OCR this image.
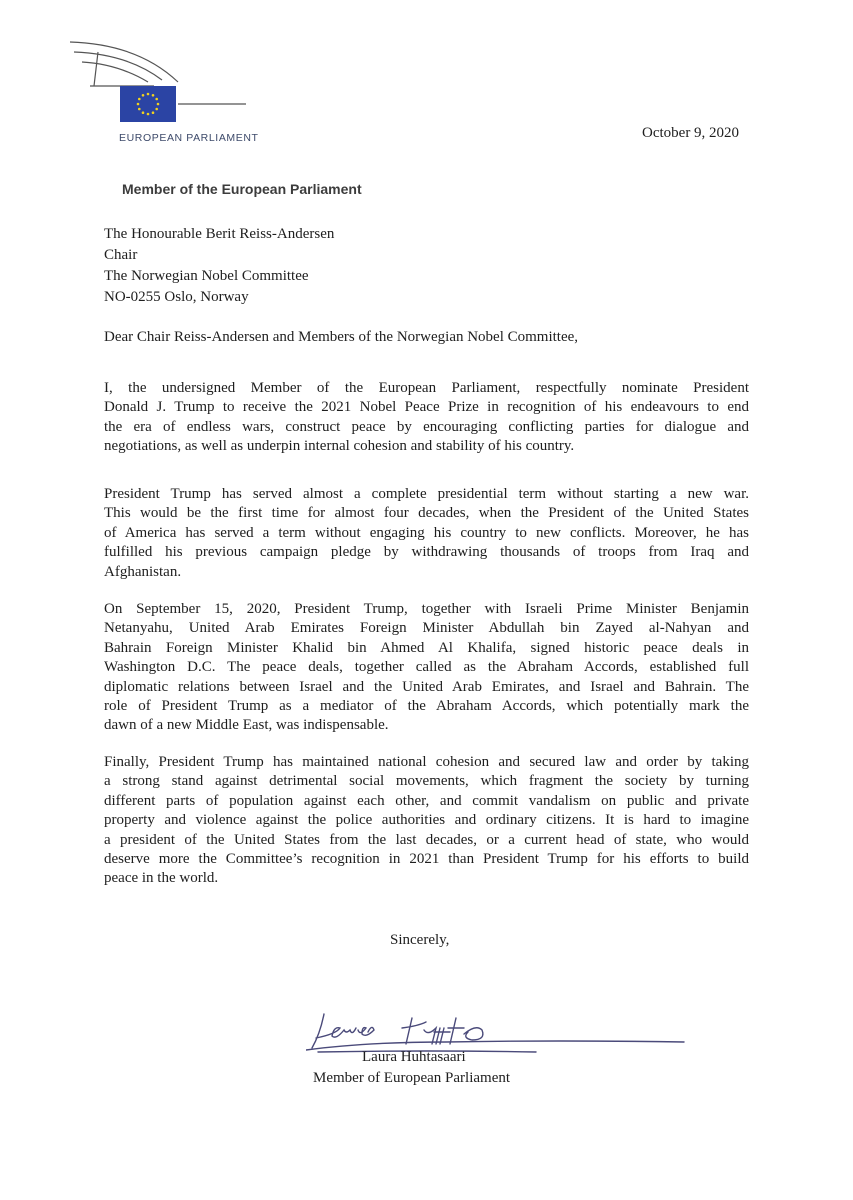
EUROPEAN PARLIAMENT	October 9, 2020
Member of the European Parliament
The Honourable Berit Reiss-Andersen
Chair
The Norwegian Nobel Committee
NO-0255 Oslo, Norway
Dear Chair Reiss-Andersen and Members of the Norwegian Nobel Committee,

I, the undersigned Member of the European Parliament, respectfully nominate President
Donald J. Trump to receive the 2021 Nobel Peace Prize in recognition of his endeavours to end
the era of endless wars, construct peace by encouraging conflicting parties for dialogue and
negotiations, as well as underpin internal cohesion and stability of his country.

President Trump has served almost a complete presidential term without starting a new war.
This would be the first time for almost four decades, when the President of the United States
of America has served a term without engaging his country to new conflicts. Moreover, he has
fulfilled his previous campaign pledge by withdrawing thousands of troops from Iraq and
Afghanistan.

On September 15, 2020, President Trump, together with Israeli Prime Minister Benjamin
Netanyahu, United Arab Emirates Foreign Minister Abdullah bin Zayed al-Nahyan and
Bahrain Foreign Minister Khalid bin Ahmed Al Khalifa, signed historic peace deals in
Washington D.C. The peace deals, together called as the Abraham Accords, established full
diplomatic relations between Israel and the United Arab Emirates, and Israel and Bahrain. The
role of President Trump as a mediator of the Abraham Accords, which potentially mark the
dawn of a new Middle East, was indispensable.

Finally, President Trump has maintained national cohesion and secured law and order by taking
a strong stand against detrimental social movements, which fragment the society by turning
different parts of population against each other, and commit vandalism on public and private
property and violence against the police authorities and ordinary citizens. It is hard to imagine
a president of the United States from the last decades, or a current head of state, who would
deserve more the Committee’s recognition in 2021 than President Trump for his efforts to build
peace in the world.

Sincerely,
Laura Huhtasaari
Member of European Parliament
